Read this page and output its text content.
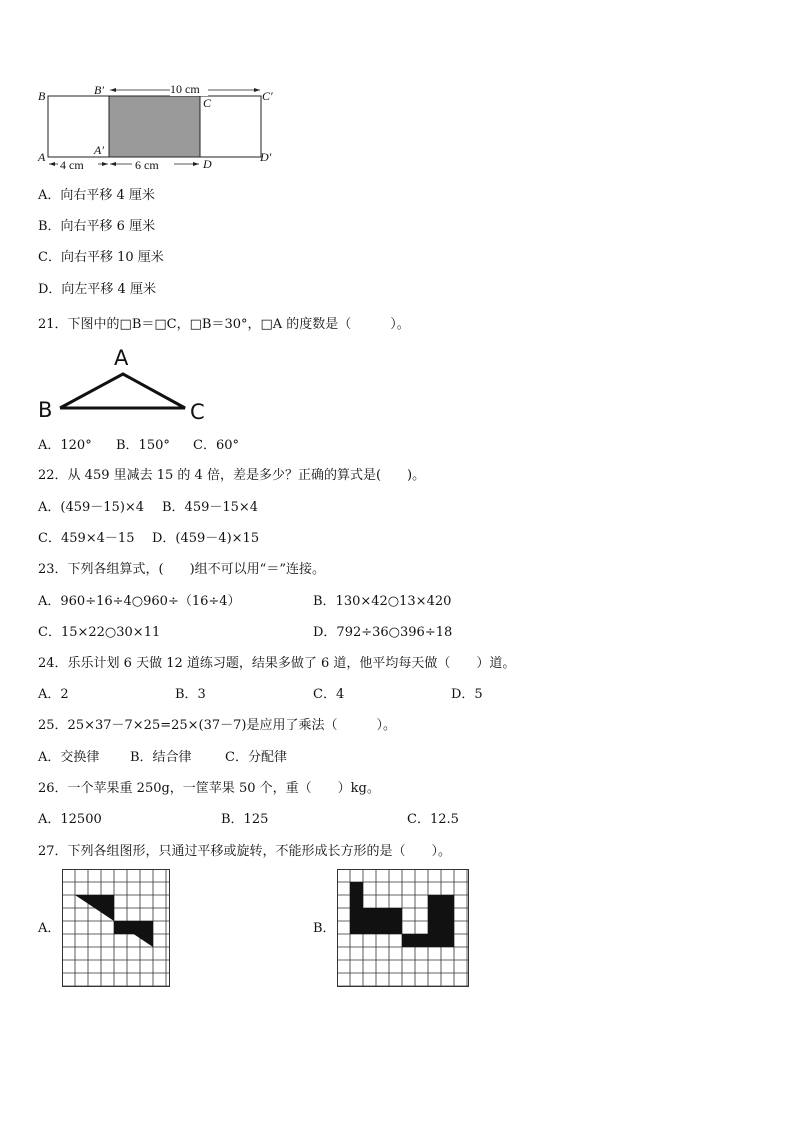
B
A
B′
A′
C
D
C′
D′
10 cm
4 cm	6 cm
A．向右平移 4 厘米
B．向右平移 6 厘米
C．向右平移 10 厘米
D．向左平移 4 厘米
21．下图中的□B＝□C，□B＝30°，□A 的度数是（　　　）。
A
B	C
A．120° B．150° C．60°
22．从 459 里减去 15 的 4 倍，差是多少？正确的算式是(　　)。
A．(459－15)×4 B．459－15×4
C．459×4－15 D．(459－4)×15
23．下列各组算式，(　　)组不可以用“＝”连接。
A．960÷16÷4○960÷（16÷4）	B．130×42○13×420
C．15×22○30×11	D．792÷36○396÷18
24．乐乐计划 6 天做 12 道练习题，结果多做了 6 道，他平均每天做（　　）道。
A．2	B．3	C．4	D．5
25．25×37－7×25=25×(37－7)是应用了乘法（　　　）。
A．交换律 B．结合律	C．分配律
26．一个苹果重 250g，一筐苹果 50 个，重（　　）kg。
A．12500	B．125	C．12.5
27．下列各组图形，只通过平移或旋转，不能形成长方形的是（　　）。
A．	B．
